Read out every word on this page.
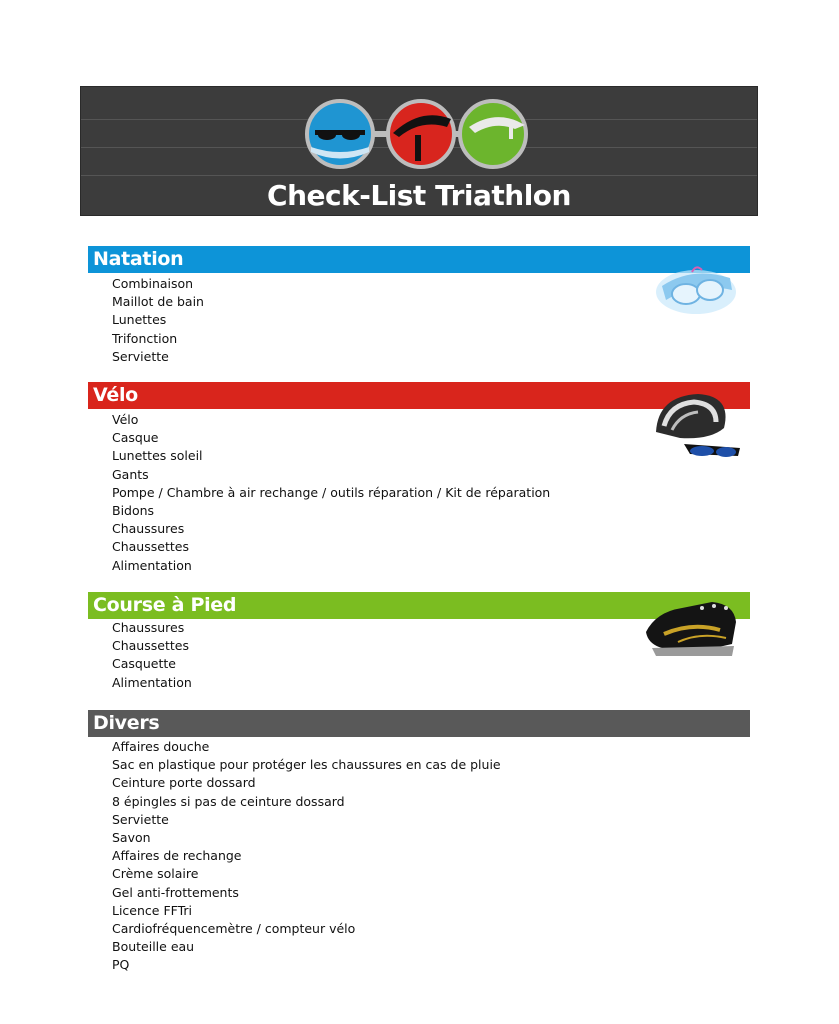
Check-List Triathlon
Natation
Combinaison
Maillot de bain
Lunettes
Trifonction
Serviette
Vélo
Vélo
Casque
Lunettes soleil
Gants
Pompe / Chambre à air rechange / outils réparation / Kit de réparation
Bidons
Chaussures
Chaussettes
Alimentation
Course à Pied
Chaussures
Chaussettes
Casquette
Alimentation
Divers
Affaires douche
Sac en plastique pour protéger les chaussures en cas de pluie
Ceinture porte dossard
8 épingles si pas de ceinture dossard
Serviette
Savon
Affaires de rechange
Crème solaire
Gel anti-frottements
Licence FFTri
Cardiofréquencemètre / compteur vélo
Bouteille eau
PQ
